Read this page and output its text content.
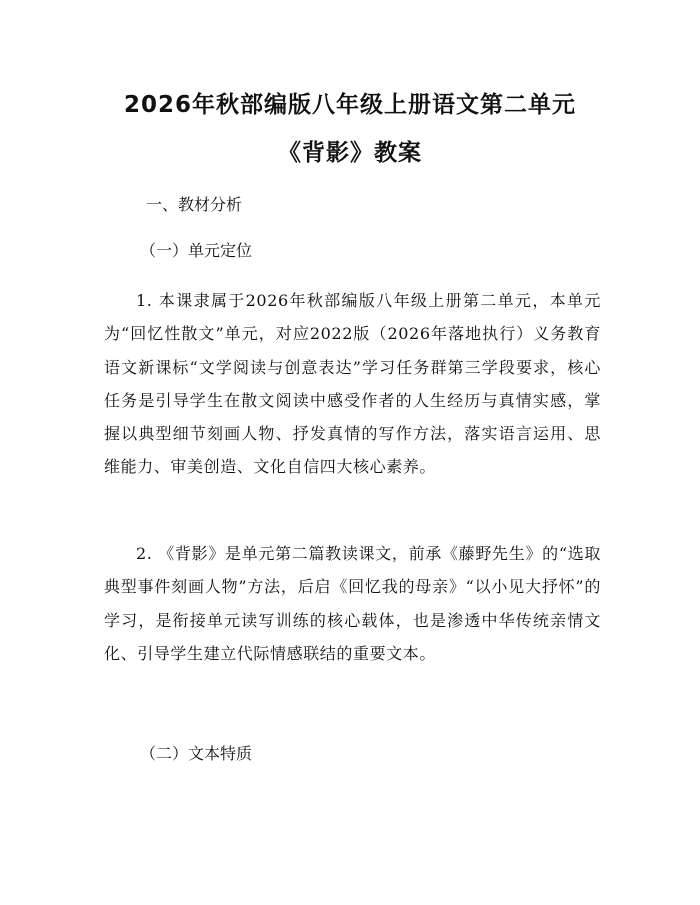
2026年秋部编版八年级上册语文第二单元
《背影》教案

一、教材分析

（一）单元定位

1. 本课隶属于2026年秋部编版八年级上册第二单元，本单元为“回忆性散文”单元，对应2022版（2026年落地执行）义务教育语文新课标“文学阅读与创意表达”学习任务群第三学段要求，核心任务是引导学生在散文阅读中感受作者的人生经历与真情实感，掌握以典型细节刻画人物、抒发真情的写作方法，落实语言运用、思维能力、审美创造、文化自信四大核心素养。

2. 《背影》是单元第二篇教读课文，前承《藤野先生》的“选取典型事件刻画人物”方法，后启《回忆我的母亲》“以小见大抒怀”的学习，是衔接单元读写训练的核心载体，也是渗透中华传统亲情文化、引导学生建立代际情感联结的重要文本。

（二）文本特质
